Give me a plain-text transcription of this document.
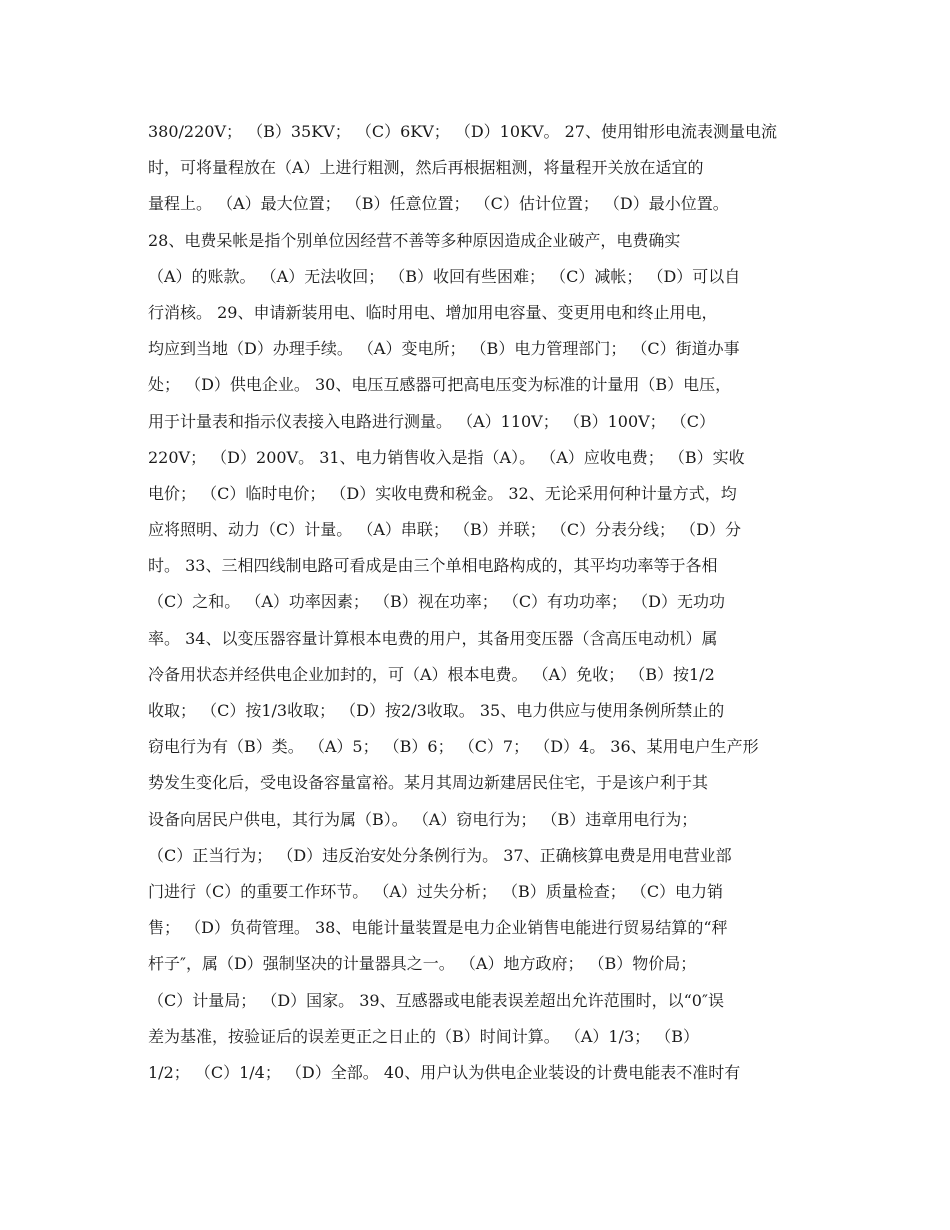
380/220V； （B）35KV； （C）6KV； （D）10KV。 27、使用钳形电流表测量电流
时，可将量程放在（A）上进行粗测，然后再根据粗测，将量程开关放在适宜的
量程上。 （A）最大位置； （B）任意位置； （C）估计位置； （D）最小位置。
28、电费呆帐是指个别单位因经营不善等多种原因造成企业破产，电费确实
（A）的账款。 （A）无法收回； （B）收回有些困难； （C）减帐； （D）可以自
行消核。 29、申请新装用电、临时用电、增加用电容量、变更用电和终止用电，
均应到当地（D）办理手续。 （A）变电所； （B）电力管理部门； （C）街道办事
处； （D）供电企业。 30、电压互感器可把高电压变为标准的计量用（B）电压，
用于计量表和指示仪表接入电路进行测量。 （A）110V； （B）100V； （C）
220V； （D）200V。 31、电力销售收入是指（A）。 （A）应收电费； （B）实收
电价； （C）临时电价； （D）实收电费和税金。 32、无论采用何种计量方式，均
应将照明、动力（C）计量。 （A）串联； （B）并联； （C）分表分线； （D）分
时。 33、三相四线制电路可看成是由三个单相电路构成的，其平均功率等于各相
（C）之和。 （A）功率因素； （B）视在功率； （C）有功功率； （D）无功功
率。 34、以变压器容量计算根本电费的用户，其备用变压器（含高压电动机）属
冷备用状态并经供电企业加封的，可（A）根本电费。 （A）免收； （B）按1/2
收取； （C）按1/3收取； （D）按2/3收取。 35、电力供应与使用条例所禁止的
窃电行为有（B）类。 （A）5； （B）6； （C）7； （D）4。 36、某用电户生产形
势发生变化后，受电设备容量富裕。某月其周边新建居民住宅，于是该户利于其
设备向居民户供电，其行为属（B）。 （A）窃电行为； （B）违章用电行为；
（C）正当行为； （D）违反治安处分条例行为。 37、正确核算电费是用电营业部
门进行（C）的重要工作环节。 （A）过失分析； （B）质量检查； （C）电力销
售； （D）负荷管理。 38、电能计量装置是电力企业销售电能进行贸易结算的“秤
杆子″，属（D）强制坚决的计量器具之一。 （A）地方政府； （B）物价局；
（C）计量局； （D）国家。 39、互感器或电能表误差超出允许范围时，以“0″误
差为基准，按验证后的误差更正之日止的（B）时间计算。 （A）1/3； （B）
1/2； （C）1/4； （D）全部。 40、用户认为供电企业装设的计费电能表不准时有
